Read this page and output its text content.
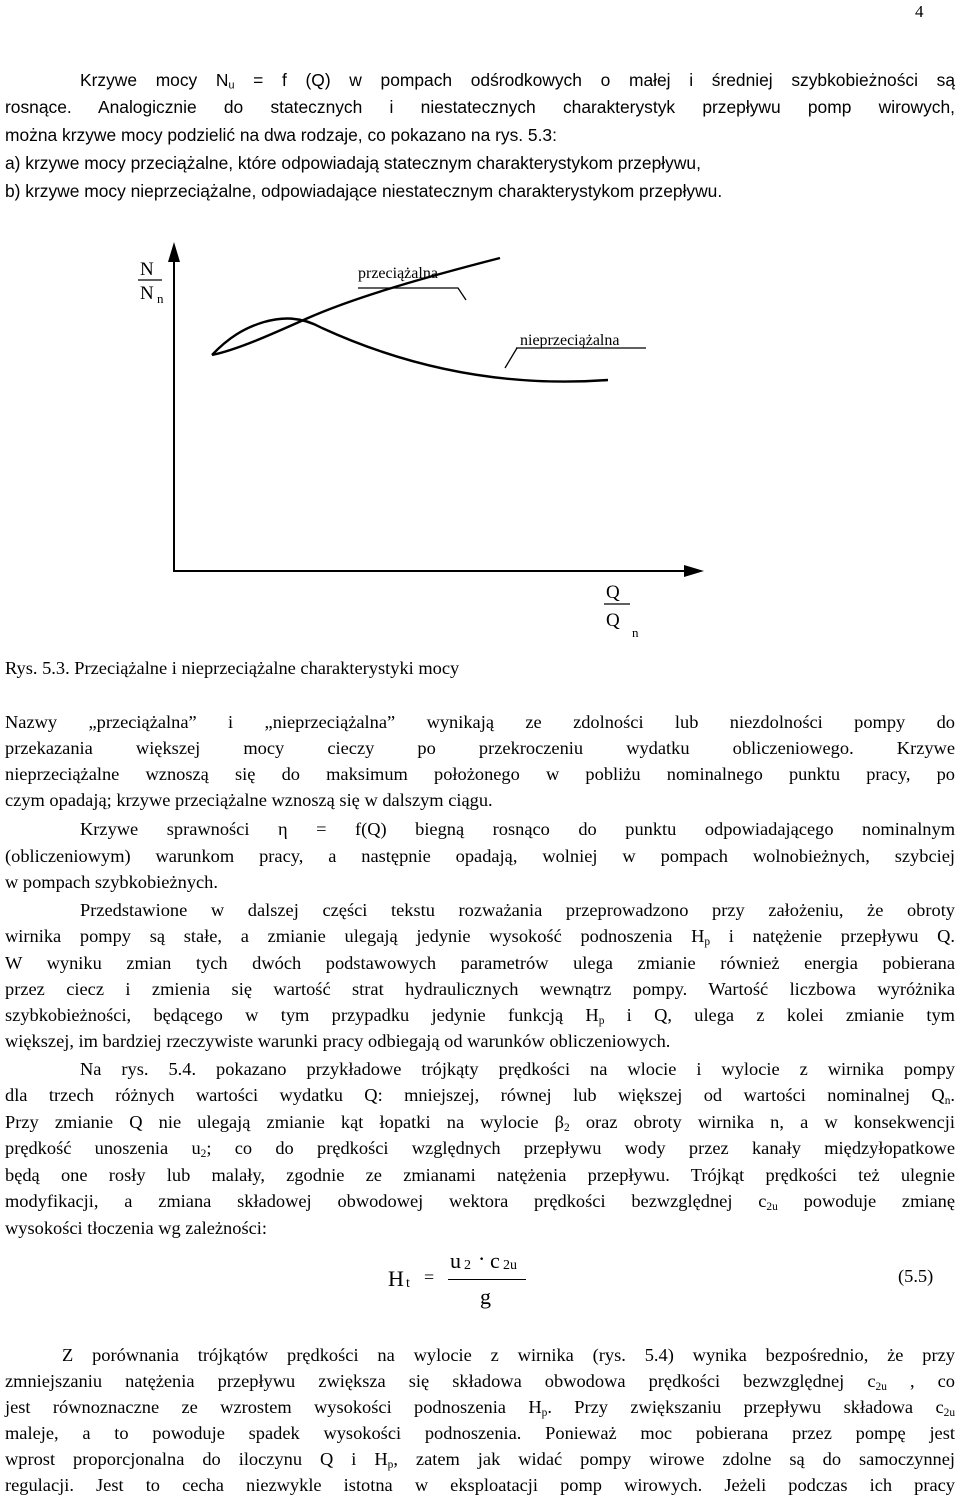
4
Krzywe mocy $N_u = f$ (Q) w pompach odśrodkowych o małej i średniej szybkobieżności są
rosnące. Analogicznie do statecznych i niestatecznych charakterystyk przepływu pomp wirowych,
można krzywe mocy podzielić na dwa rodzaje, co pokazano na rys. 5.3:
a) krzywe mocy przeciążalne, które odpowiadają statecznym charakterystykom przepływu,
b) krzywe mocy nieprzeciążalne, odpowiadające niestatecznym charakterystykom przepływu.
N
N n
przeciążalna
nieprzeciążalna
Q
Q
n
Rys. 5.3. Przeciążalne i nieprzeciążalne charakterystyki mocy
Nazwy „przeciążalna” i „nieprzeciążalna” wynikają ze zdolności lub niezdolności pompy do
przekazania większej mocy cieczy po przekroczeniu wydatku obliczeniowego. Krzywe
nieprzeciążalne wznoszą się do maksimum położonego w pobliżu nominalnego punktu pracy, po
czym opadają; krzywe przeciążalne wznoszą się w dalszym ciągu.
Krzywe sprawności η = f(Q) biegną rosnąco do punktu odpowiadającego nominalnym
(obliczeniowym) warunkom pracy, a następnie opadają, wolniej w pompach wolnobieżnych, szybciej
w pompach szybkobieżnych.
Przedstawione w dalszej części tekstu rozważania przeprowadzono przy założeniu, że obroty
wirnika pompy są stałe, a zmianie ulegają jedynie wysokość podnoszenia $H_p$ i natężenie przepływu Q.
W wyniku zmian tych dwóch podstawowych parametrów ulega zmianie również energia pobierana
przez ciecz i zmienia się wartość strat hydraulicznych wewnątrz pompy. Wartość liczbowa wyróżnika
szybkobieżności, będącego w tym przypadku jedynie funkcją $H_p$ i Q, ulega z kolei zmianie tym
większej, im bardziej rzeczywiste warunki pracy odbiegają od warunków obliczeniowych.
Na rys. 5.4. pokazano przykładowe trójkąty prędkości na wlocie i wylocie z wirnika pompy
dla trzech różnych wartości wydatku Q: mniejszej, równej lub większej od wartości nominalnej $Q_n$.
Przy zmianie Q nie ulegają zmianie kąt łopatki na wylocie $\beta_2$ oraz obroty wirnika n, a w konsekwencji
prędkość unoszenia $u_2$; co do prędkości względnych przepływu wody przez kanały międzyłopatkowe
będą one rosły lub malały, zgodnie ze zmianami natężenia przepływu. Trójkąt prędkości też ulegnie
modyfikacji, a zmiana składowej obwodowej wektora prędkości bezwzględnej $c_{2u}$ powoduje zmianę
wysokości tłoczenia wg zależności:
H t =
u 2 · c 2u
g
(5.5)
Z porównania trójkątów prędkości na wylocie z wirnika (rys. 5.4) wynika bezpośrednio, że przy
zmniejszaniu natężenia przepływu zwiększa się składowa obwodowa prędkości bezwzględnej $c_{2u}$ , co
jest równoznaczne ze wzrostem wysokości podnoszenia $H_p$. Przy zwiększaniu przepływu składowa $c_{2u}$
maleje, a to powoduje spadek wysokości podnoszenia. Ponieważ moc pobierana przez pompę jest
wprost proporcjonalna do iloczynu Q i $H_p$, zatem jak widać pompy wirowe zdolne są do samoczynnej
regulacji. Jest to cecha niezwykle istotna w eksploatacji pomp wirowych. Jeżeli podczas ich pracy
